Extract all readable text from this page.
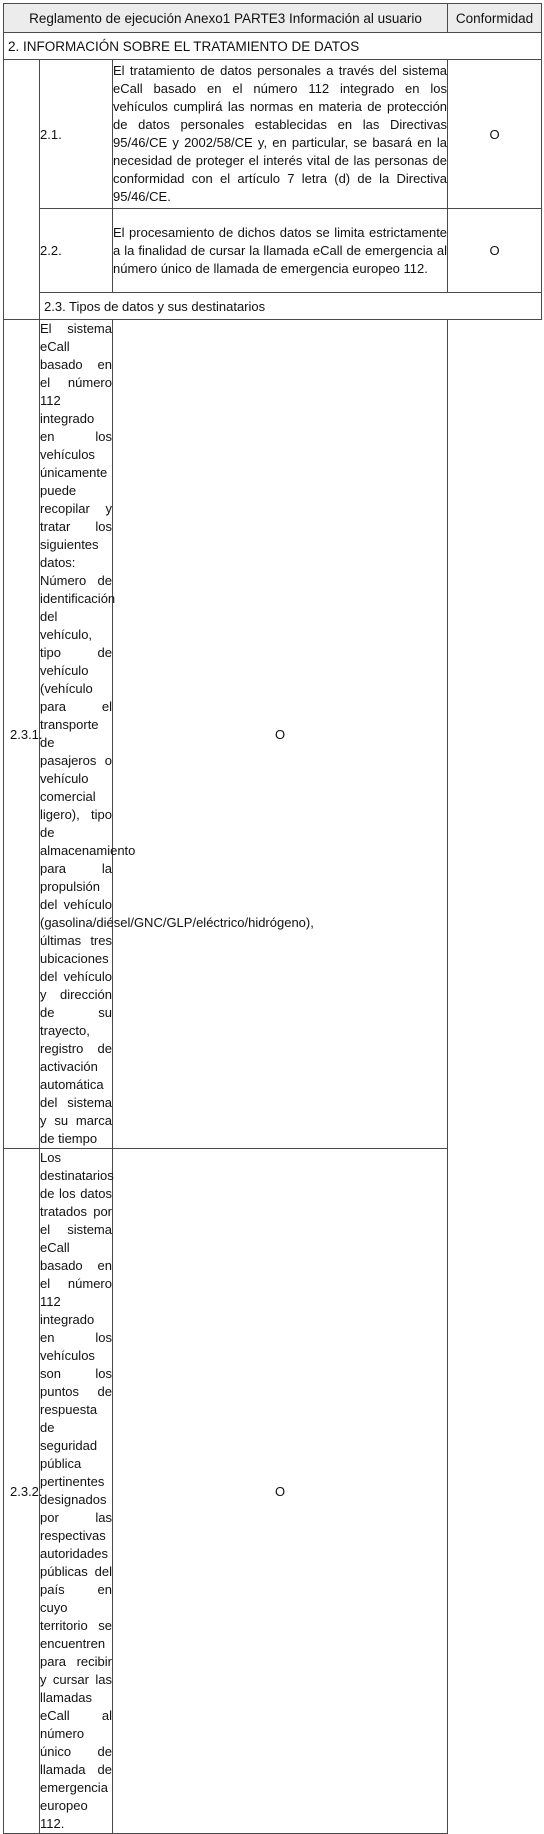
Reglamento de ejecución Anexo1 PARTE3 Información al usuario			Conformidad
2. INFORMACIÓN SOBRE EL TRATAMIENTO DE DATOS			
	2.1.	El tratamiento de datos personales a través del sistema eCall basado en el número 112 integrado en los vehículos cumplirá las normas en materia de protección de datos personales establecidas en las Directivas 95/46/CE y 2002/58/CE y, en particular, se basará en la necesidad de proteger el interés vital de las personas de conformidad con el artículo 7 letra (d) de la Directiva 95/46/CE.	O
	2.2.	El procesamiento de dichos datos se limita estrictamente a la finalidad de cursar la llamada eCall de emergencia al número único de llamada de emergencia europeo 112.	O
	2.3. Tipos de datos y sus destinatarios		
2.3.1.	El sistema eCall basado en el número 112 integrado en los vehículos únicamente puede recopilar y tratar los siguientes datos: Número de identificación del vehículo, tipo de vehículo (vehículo para el transporte de pasajeros o vehículo comercial ligero), tipo de almacenamiento para la propulsión del vehículo (gasolina/diésel/GNC/GLP/eléctrico/hidrógeno), últimas tres ubicaciones del vehículo y dirección de su trayecto, registro de activación automática del sistema y su marca de tiempo	O	
2.3.2.	Los destinatarios de los datos tratados por el sistema eCall basado en el número 112 integrado en los vehículos son los puntos de respuesta de seguridad pública pertinentes designados por las respectivas autoridades públicas del país en cuyo territorio se encuentren para recibir y cursar las llamadas eCall al número único de llamada de emergencia europeo 112.	O	
